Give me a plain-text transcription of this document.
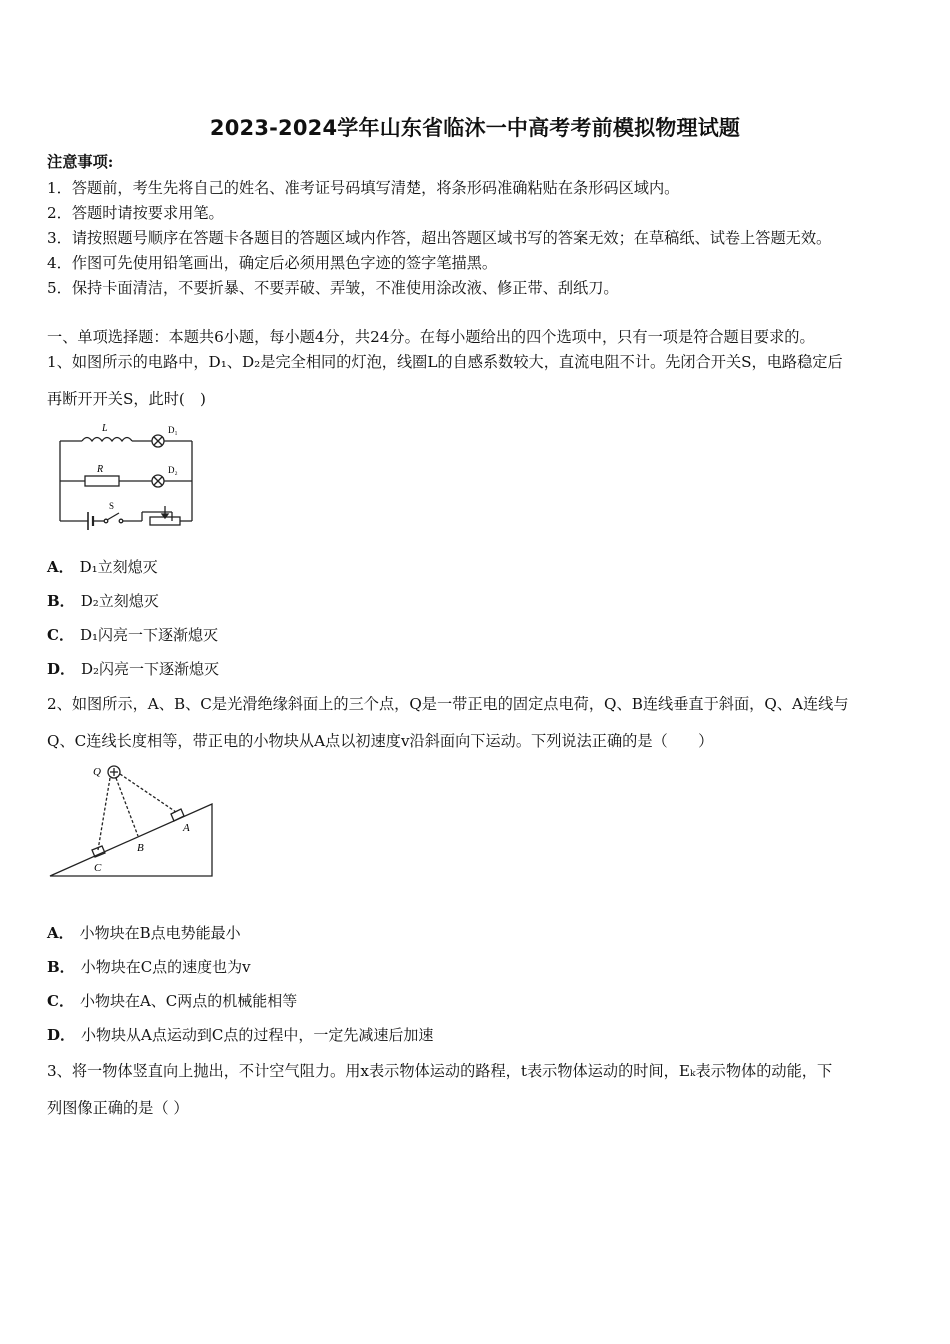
2023-2024学年山东省临沐一中高考考前模拟物理试题
注意事项:
1．答题前，考生先将自己的姓名、准考证号码填写清楚，将条形码准确粘贴在条形码区域内。
2．答题时请按要求用笔。
3．请按照题号顺序在答题卡各题目的答题区域内作答，超出答题区域书写的答案无效；在草稿纸、试卷上答题无效。
4．作图可先使用铅笔画出，确定后必须用黑色字迹的签字笔描黑。
5．保持卡面清洁，不要折暴、不要弄破、弄皱，不准使用涂改液、修正带、刮纸刀。
一、单项选择题：本题共6小题，每小题4分，共24分。在每小题给出的四个选项中，只有一项是符合题目要求的。
1、如图所示的电路中，D₁、D₂是完全相同的灯泡，线圈L的自感系数较大，直流电阻不计。先闭合开关S，电路稳定后
再断开开关S，此时(　)
L	D₁
R	D₂
S
A． D₁立刻熄灭
B． D₂立刻熄灭
C． D₁闪亮一下逐渐熄灭
D． D₂闪亮一下逐渐熄灭
2、如图所示，A、B、C是光滑绝缘斜面上的三个点，Q是一带正电的固定点电荷，Q、B连线垂直于斜面，Q、A连线与
Q、C连线长度相等，带正电的小物块从A点以初速度v沿斜面向下运动。下列说法正确的是（　　）
Q
A
B
C
A． 小物块在B点电势能最小
B． 小物块在C点的速度也为v
C． 小物块在A、C两点的机械能相等
D． 小物块从A点运动到C点的过程中，一定先减速后加速
3、将一物体竖直向上抛出，不计空气阻力。用x表示物体运动的路程，t表示物体运动的时间，Eₖ表示物体的动能，下
列图像正确的是（ ）
